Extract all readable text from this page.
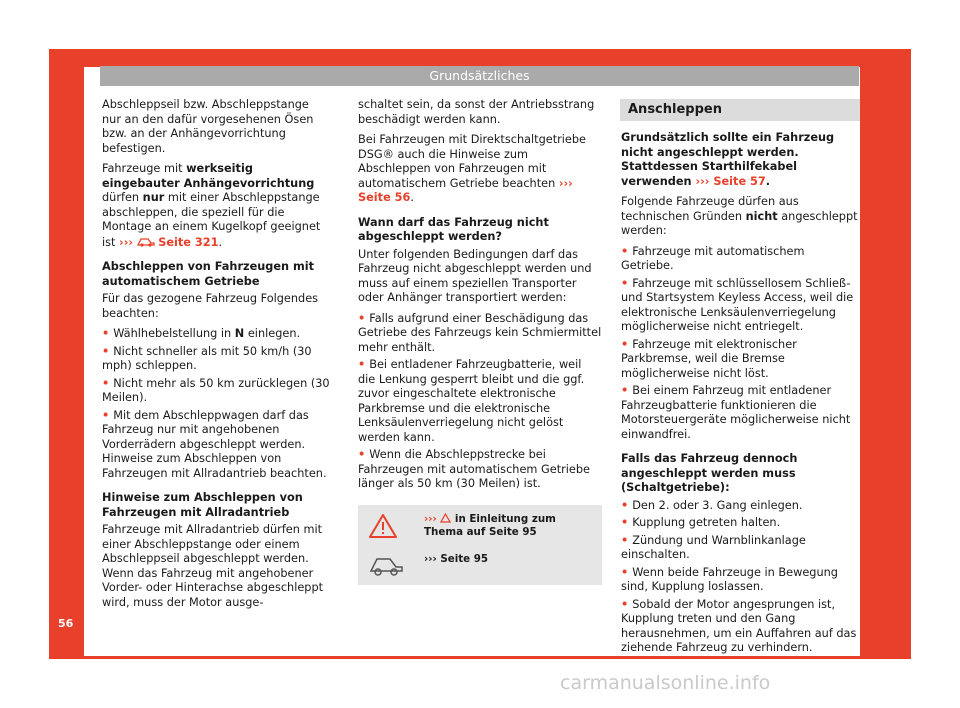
Grundsätzliches
56

Abschleppseil bzw. Abschleppstange nur an den dafür vorgesehenen Ösen bzw. an der Anhängevorrichtung befestigen.

Fahrzeuge mit werkseitig eingebauter Anhängevorrichtung dürfen nur mit einer Abschleppstange abschleppen, die speziell für die Montage an einem Kugelkopf geeignet ist ››› Seite 321.

Abschleppen von Fahrzeugen mit automatischem Getriebe

Für das gezogene Fahrzeug Folgendes beachten:

• Wählhebelstellung in N einlegen.

• Nicht schneller als mit 50 km/h (30 mph) schleppen.

• Nicht mehr als 50 km zurücklegen (30 Meilen).

• Mit dem Abschleppwagen darf das Fahrzeug nur mit angehobenen Vorderrädern abgeschleppt werden. Hinweise zum Abschleppen von Fahrzeugen mit Allradantrieb beachten.

Hinweise zum Abschleppen von Fahrzeugen mit Allradantrieb

Fahrzeuge mit Allradantrieb dürfen mit einer Abschleppstange oder einem Abschleppseil abgeschleppt werden. Wenn das Fahrzeug mit angehobener Vorder- oder Hinterachse abgeschleppt wird, muss der Motor ausge-

schaltet sein, da sonst der Antriebsstrang beschädigt werden kann.

Bei Fahrzeugen mit Direktschaltgetriebe DSG® auch die Hinweise zum Abschleppen von Fahrzeugen mit automatischem Getriebe beachten ››› Seite 56.

Wann darf das Fahrzeug nicht abgeschleppt werden?

Unter folgenden Bedingungen darf das Fahrzeug nicht abgeschleppt werden und muss auf einem speziellen Transporter oder Anhänger transportiert werden:

• Falls aufgrund einer Beschädigung das Getriebe des Fahrzeugs kein Schmiermittel mehr enthält.

• Bei entladener Fahrzeugbatterie, weil die Lenkung gesperrt bleibt und die ggf. zuvor eingeschaltete elektronische Parkbremse und die elektronische Lenksäulenverriegelung nicht gelöst werden kann.

• Wenn die Abschleppstrecke bei Fahrzeugen mit automatischem Getriebe länger als 50 km (30 Meilen) ist.

››› in Einleitung zum Thema auf Seite 95
››› Seite 95
Anschleppen

Grundsätzlich sollte ein Fahrzeug nicht angeschleppt werden. Stattdessen Starthilfekabel verwenden ››› Seite 57.

Folgende Fahrzeuge dürfen aus technischen Gründen nicht angeschleppt werden:

• Fahrzeuge mit automatischem Getriebe.

• Fahrzeuge mit schlüssellosem Schließ- und Startsystem Keyless Access, weil die elektronische Lenksäulenverriegelung möglicherweise nicht entriegelt.

• Fahrzeuge mit elektronischer Parkbremse, weil die Bremse möglicherweise nicht löst.

• Bei einem Fahrzeug mit entladener Fahrzeugbatterie funktionieren die Motorsteuergeräte möglicherweise nicht einwandfrei.

Falls das Fahrzeug dennoch angeschleppt werden muss (Schaltgetriebe):

• Den 2. oder 3. Gang einlegen.

• Kupplung getreten halten.

• Zündung und Warnblinkanlage einschalten.

• Wenn beide Fahrzeuge in Bewegung sind, Kupplung loslassen.

• Sobald der Motor angesprungen ist, Kupplung treten und den Gang herausnehmen, um ein Auffahren auf das ziehende Fahrzeug zu verhindern.

carmanualsonline.info
